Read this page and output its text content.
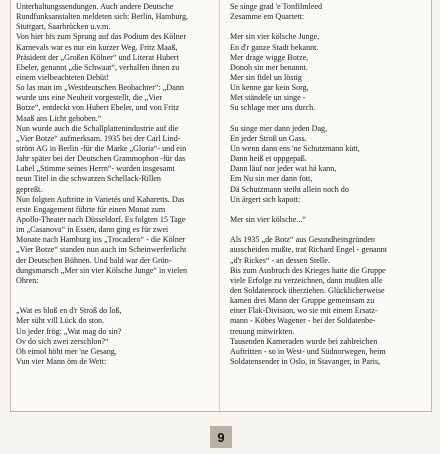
Unterhaltungssendungen. Auch andere Deutsche
Rundfunksanstalten meldeten sich: Berlin, Hamburg,
Stuttgart, Saarbrücken u.v.m.
Von hier bis zum Sprung auf das Podium des Kölner
Karnevals war es nur ein kurzer Weg. Fritz Maaß,
Präsident der „Großen Kölner“ und Literat Hubert
Ebeler, genannt „die Schwaat“, verhalfen ihnen zu
einem vielbeachteten Debüt!
So las man im „Westdeutschen Beobachter“: „Dann
wurde uns eine Neuheit vorgestellt, die „Vier
Botze“, entdeckt von Hubert Ebeler, und von Fritz
Maaß ans Licht gehoben.“
Nun wurde auch die Schallplattenindustrie auf die
„Vier Botze“ aufmerksam. 1935 bei der Carl Lind-
ström AG in Berlin -für die Marke „Gloria“- und ein
Jahr später bei der Deutschen Grammophon -für das
Label „Stimme seines Herrn“- wurden insgesamt
neun Titel in die schwarzen Schellack-Rillen
gepreßt.
Nun folgten Auftritte in Varietés und Kabaretts. Das
erste Engagement führte für einen Monat zum
Apollo-Theater nach Düsseldorf. Es folgten 15 Tage
im „Casanova“ in Essen, dann ging es für zwei
Monate nach Hamburg ins „Trocadero“ - die Kölner
„Vier Botze“ standen nun auch im Scheinwerferlicht
der Deutschen Bühnen. Und bald war der Grün-
dungsmarsch „Mer sin vier Kölsche Junge“ in vielen
Ohren:
„Wat es bloß en d'r Stroß do loß,
Mer süht vill Lück do ston.
Un jeder frög: „Wat mag do sin?
Ov do sich zwei zerschlon?“
Oh eimol höht mer 'ne Gesang,
Vun vier Mann öm de Wett:
Se singe grad 'e Tonfilmleed
Zesamme em Quartett:
Mer sin vier kölsche Junge,
En d'r ganze Stadt bekannt.
Mer drage wigge Botze,
Donoh sin mer benannt.
Mer sin fidel un löstig
Un kenne gar kein Sorg,
Met ständele un singe -
Su schlage mer uns durch.
Su singe mer dann jeden Dag,
En jeder Stroß un Gass.
Un wenn dann ens 'ne Schutzmann kütt,
Dann heiß et oppgepaß.
Dann läuf nor jeder wat hä kann,
Em Nu sin mer dann fott,
Dä Schutzmann steiht allein noch do
Un ärgert sich kapott:
Mer sin vier kölsche...“
Als 1935 „de Botz“ aus Gesundheitsgründen
ausscheiden mußte, trat Richard Engel - genannt
„d'r Rickes“ - an dessen Stelle.
Bis zum Ausbruch des Krieges hatte die Gruppe
viele Erfolge zu verzeichnen, dann mußten alle
den Soldatenrock überziehen. Glücklicherweise
kamen drei Mann der Gruppe gemeinsam zu
einer Flak-Division, wo sie mit einem Ersatz-
mann - Köbes Wagener - bei der Soldatenbe-
treuung mitwirkten.
Tausenden Kameraden wurde bei zahlreichen
Auftritten - so in West- und Südnorwegen, beim
Soldatensender in Oslo, in Stavanger, in Paris,
9
